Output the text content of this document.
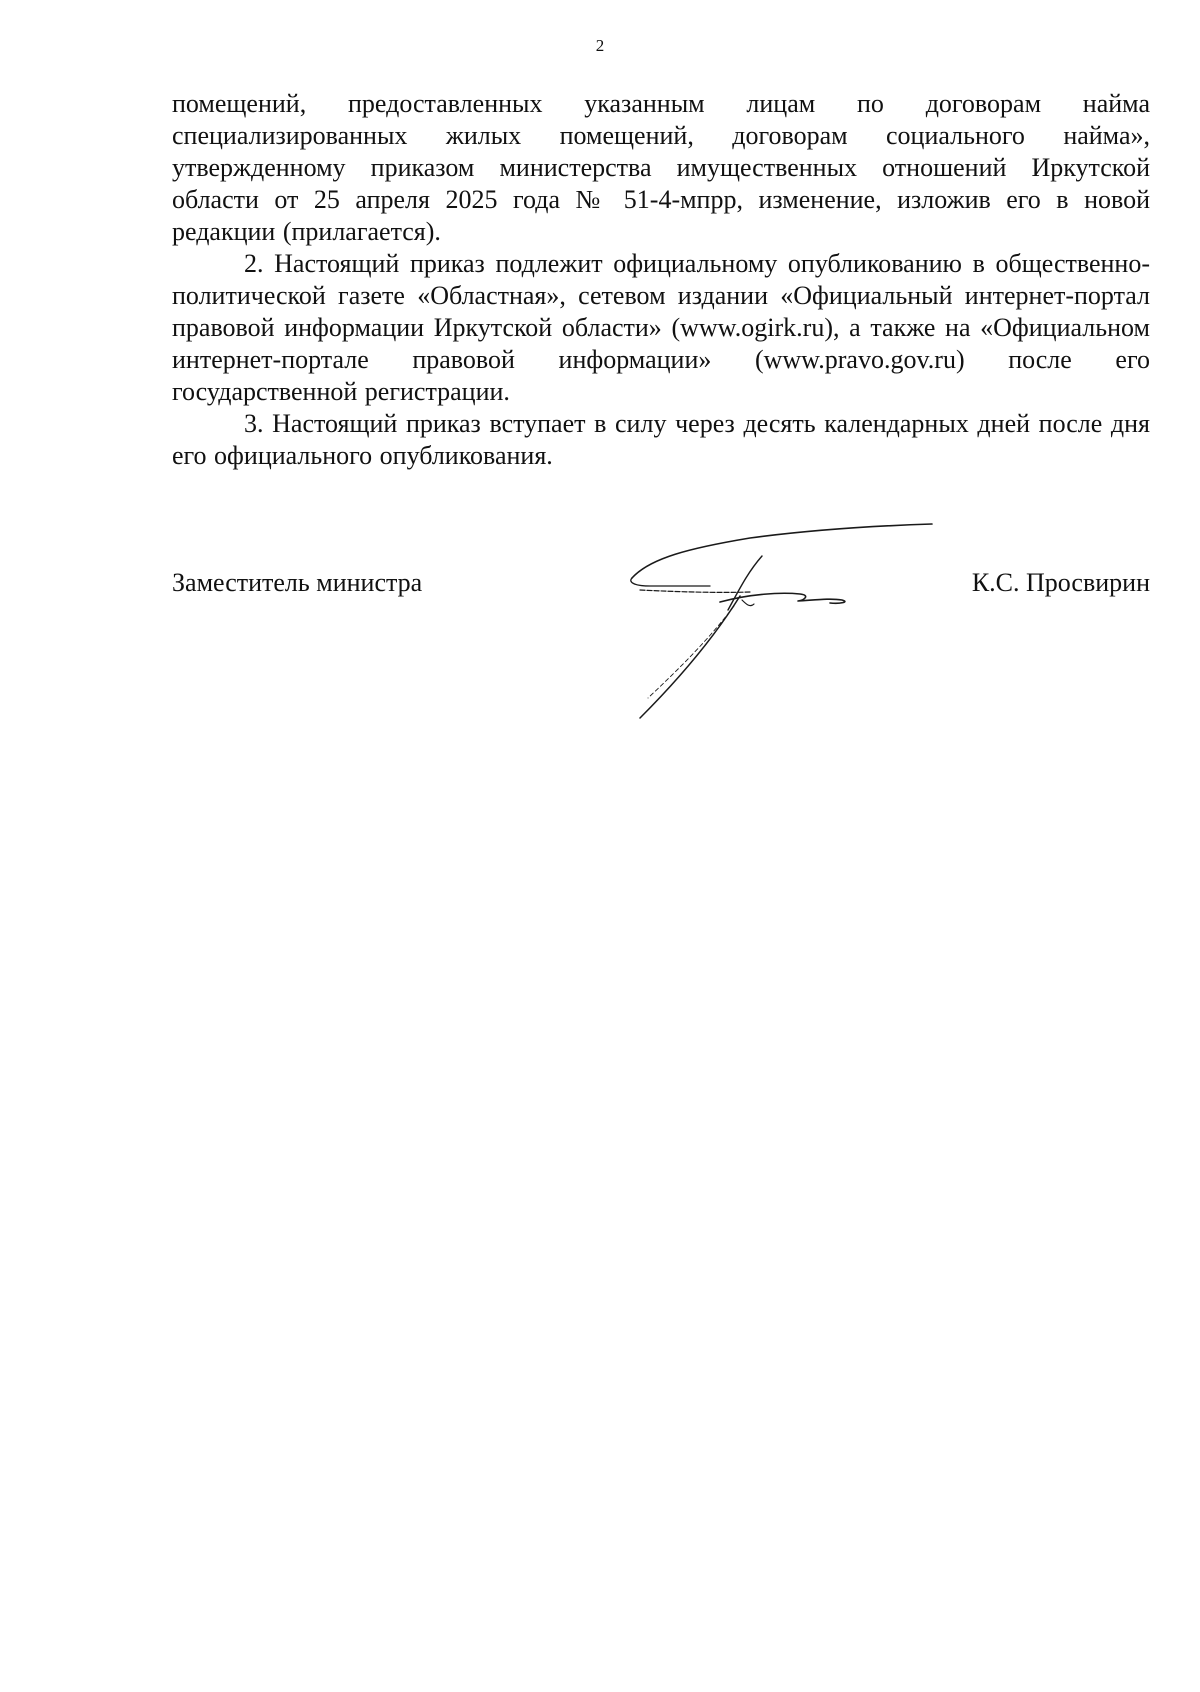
2

помещений, предоставленных указанным лицам по договорам найма специализированных жилых помещений, договорам социального найма», утвержденному приказом министерства имущественных отношений Иркутской области от 25 апреля 2025 года № 51-4-мпрр, изменение, изложив его в новой редакции (прилагается).

2. Настоящий приказ подлежит официальному опубликованию в общественно-политической газете «Областная», сетевом издании «Официальный интернет-портал правовой информации Иркутской области» (www.ogirk.ru), а также на «Официальном интернет-портале правовой информации» (www.pravo.gov.ru) после его государственной регистрации.

3. Настоящий приказ вступает в силу через десять календарных дней после дня его официального опубликования.

Заместитель министра	К.С. Просвирин
